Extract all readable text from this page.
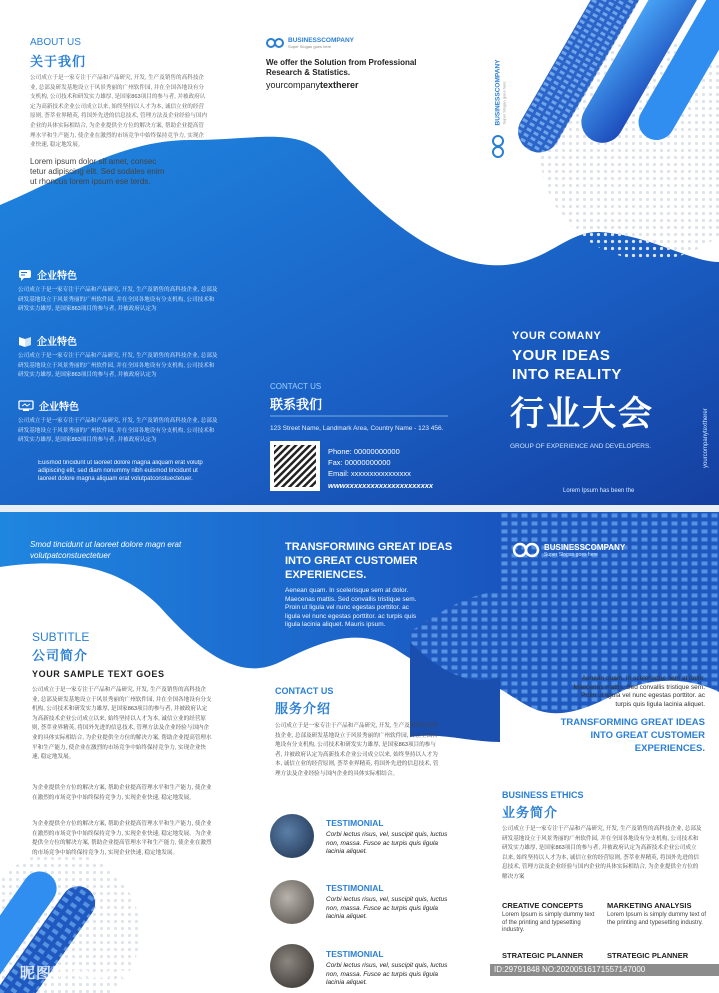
ABOUT US
关于我们
公司成立于是一家专注于产品和产品研究, 开发, 生产及销售的高科技企业, 总部及研发基地设立于风景秀丽的广州软件园, 并在全国各地设有分支机构, 公司技术和研发实力雄厚, 是国家863项目的参与者, 并被政府认定为高新技术企业公司成立以来, 始终坚持以人才为本, 诚信立业的经营原则, 荟萃业界精英, 将国外先进的信息技术, 管理方法及企业经验与国内企业的具体实际相结合, 为企业提供全方位的解决方案, 帮助企业提高管理水平和生产能力, 使企业在激烈的市场竞争中始终保持竞争力, 实现企业快速, 稳定地发展。
Lorem ipsum dolor sit amet, consec tetur adipiscing elit. Sed sodales enim ut rhoncus lorem ipsum ese terds.
BUSINESSCOMPANY
Super Slogan goes here
We offer the Solution from Professional Research & Statistics.
yourcompanytextherer	BUSINESSCOMPANY Super Slogan goes here
企业特色
公司成立于是一家专注于产品和产品研究, 开发, 生产及销售的高科技企业, 总部及研发基地设立于风景秀丽的广州软件园, 并在全国各地设有分支机构, 公司技术和研发实力雄厚, 是国家863项目的参与者, 并被政府认定为
企业特色
公司成立于是一家专注于产品和产品研究, 开发, 生产及销售的高科技企业, 总部及研发基地设立于风景秀丽的广州软件园, 并在全国各地设有分支机构, 公司技术和研发实力雄厚, 是国家863项目的参与者, 并被政府认定为
企业特色
公司成立于是一家专注于产品和产品研究, 开发, 生产及销售的高科技企业, 总部及研发基地设立于风景秀丽的广州软件园, 并在全国各地设有分支机构, 公司技术和研发实力雄厚, 是国家863项目的参与者, 并被政府认定为
Euismod tincidunt ut laoreet dolore magna aliquam erat volutp adipiscing elit, sed diam nonummy nibh euismod tincidunt ut laoreet dolore magna aliquam erat volutpatconstuectetuer.
CONTACT US
联系我们
123 Street Name, Landmark Area, Country Name - 123 456.
Phone: 00000000000
Fax: 00000000000
Email: xxxxxxxxxxxxxxxx
wwwxxxxxxxxxxxxxxxxxxxxx
YOUR COMANY
YOUR IDEAS
INTO REALITY
行业大会
GROUP OF EXPERIENCE AND DEVELOPERS.
Lorem Ipsum has been the
yourcompanytextherer
Smod tincidunt ut laoreet dolore magn erat volutpatconstuectetuer
SUBTITLE
公司简介
YOUR SAMPLE TEXT GOES
公司成立于是一家专注于产品和产品研究, 开发, 生产及销售的高科技企业, 总部及研发基地设立于风景秀丽的广州软件园, 并在全国各地设有分支机构, 公司技术和研发实力雄厚, 是国家863项目的参与者, 并被政府认定为高新技术企业公司成立以来, 始终坚持以人才为本, 诚信立业的经营原则, 荟萃业界精英, 将国外先进的信息技术, 管理方法及企业经验与国内企业的具体实际相结合, 为企业提供全方位的解决方案, 帮助企业提高管理水平和生产能力, 使企业在激烈的市场竞争中始终保持竞争力, 实现企业快速, 稳定地发展。
为企业提供全方位的解决方案, 帮助企业提高管理水平和生产能力, 使企业在激烈的市场竞争中始终保持竞争力, 实现企业快速, 稳定地发展。
为企业提供全方位的解决方案, 帮助企业提高管理水平和生产能力, 使企业在激烈的市场竞争中始终保持竞争力, 实现企业快速, 稳定地发展。为企业提供全方位的解决方案, 帮助企业提高管理水平和生产能力, 使企业在激烈的市场竞争中始终保持竞争力, 实现企业快速, 稳定地发展。
TRANSFORMING GREAT IDEAS INTO GREAT CUSTOMER EXPERIENCES.
Aenean quam. In scelerisque sem at dolor. Maecenas mattis. Sed convallis tristique sem. Proin ut ligula vel nunc egestas porttitor. ac ligula vel nunc egestas porttitor. ac turpis quis ligula lacinia aliquet. Mauris ipsum.
CONTACT US
服务介绍
公司成立于是一家专注于产品和产品研究, 开发, 生产及销售的高科技企业, 总部及研发基地设立于风景秀丽的广州软件园, 并在全国各地设有分支机构, 公司技术和研发实力雄厚, 是国家863项目的参与者, 并被政府认定为高新技术企业公司成立以来, 始终坚持以人才为本, 诚信立业的经营原则, 荟萃业界精英, 将国外先进的信息技术, 管理方法及企业经验与国内企业的具体实际相结合。
TESTIMONIAL
Corbi lectus risus, vel, suscipit quis, luctus non, massa. Fusce ac turpis quis ligula lacinia aliquet.
TESTIMONIAL
Corbi lectus risus, vel, suscipit quis, luctus non, massa. Fusce ac turpis quis ligula lacinia aliquet.
TESTIMONIAL
Corbi lectus risus, vel, suscipit quis, luctus non, massa. Fusce ac turpis quis ligula lacinia aliquet.
BUSINESSCOMPANY
Super Slogan goes here
Aenean quam. In scelerisque sem at dolor. Maecenas mattis. Sed convallis tristique sem. Proin ut ligula vel nunc egestas porttitor. ac turpis quis ligula lacinia aliquet.
TRANSFORMING GREAT IDEAS INTO GREAT CUSTOMER EXPERIENCES.
BUSINESS ETHICS
业务简介
公司成立于是一家专注于产品和产品研究, 开发, 生产及销售的高科技企业, 总部及研发基地设立于风景秀丽的广州软件园, 并在全国各地设有分支机构, 公司技术和研发实力雄厚, 是国家863项目的参与者, 并被政府认定为高新技术企业公司成立以来, 始终坚持以人才为本, 诚信立业的经营原则, 荟萃业界精英, 将国外先进的信息技术, 管理方法及企业经验与国内企业的具体实际相结合, 为企业提供全方位的解决方案
CREATIVE CONCEPTS
Lorem Ipsum is simply dummy text of the printing and typesetting industry.
MARKETING ANALYSIS
Lorem Ipsum is simply dummy text of the printing and typesetting industry.
STRATEGIC PLANNER	STRATEGIC PLANNER
昵图网 www.nipic.com	ID:29791848 NO:20200516171557147000
